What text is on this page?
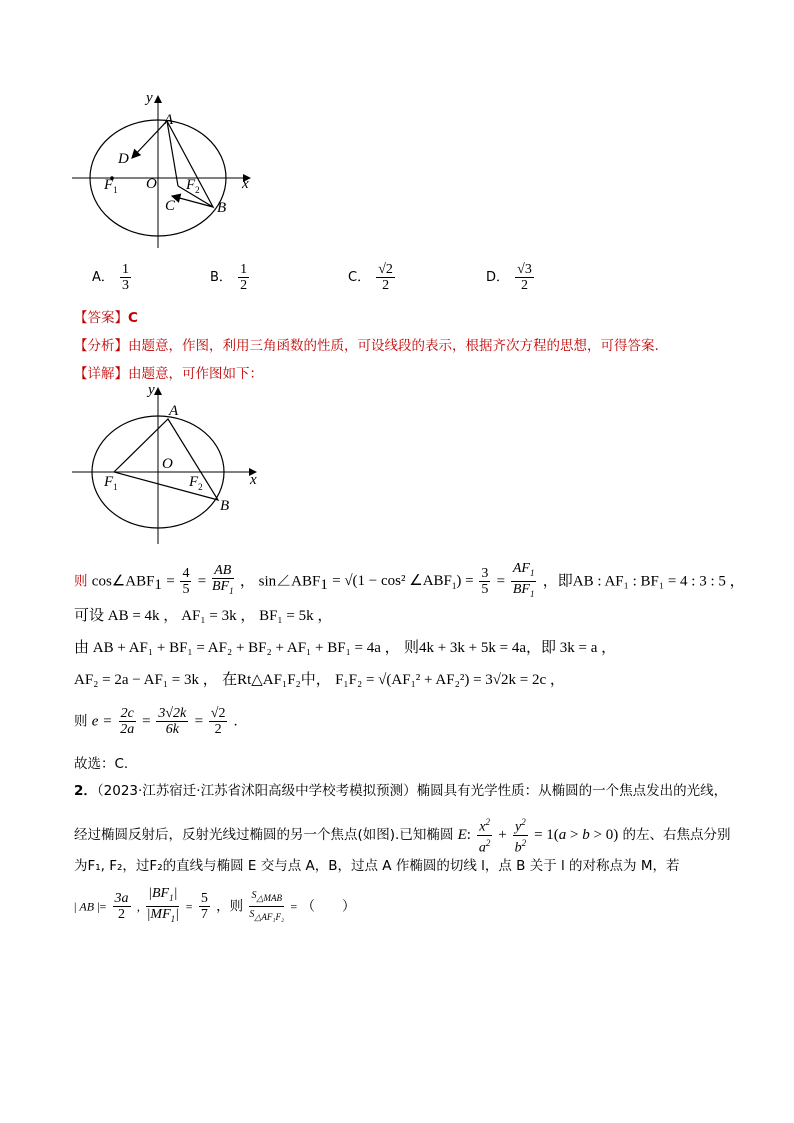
y
x
A
D
O
$F_1$	$F_2$
C	B
A． $\frac{1}{3}$	B． $\frac{1}{2}$	C． $\frac{√2}{2}$	D． $\frac{√3}{2}$
【答案】C
【分析】由题意，作图，利用三角函数的性质，可设线段的表示，根据齐次方程的思想，可得答案.
【详解】由题意，可作图如下：
y
x
A
O
$F_1$	$F_2$
B
则 $\cos\angle ABF_1 = \frac{4}{5} = \frac{AB}{BF_1}$ ， $\sin\angle ABF_1 = √(1 - \cos^2$ $\angle ABF_1) = \frac{3}{5} = \frac{AF_1}{BF_1}$ ，即AB : AF₁ : BF₁ = 4 : 3 : 5 ，
可设 AB = 4k ， AF₁ = 3k ， BF₁ = 5k ，
由 AB + AF₁ + BF₁ = AF₂ + BF₂ + AF₁ + BF₁ = 4a ， 则4k + 3k + 5k = 4a，即 3k = a ，
AF₂ = 2a − AF₁ = 3k ， 在Rt△AF₁F₂中， F₁F₂ = √(AF₁² + AF₂²) = 3√2k = 2c ，
则 $e = \frac{2c}{2a} = \frac{3√2k}{6k} = \frac{√2}{2}$ .
故选：C.
2．（2023·江苏宿迁·江苏省沭阳高级中学校考模拟预测）椭圆具有光学性质：从椭圆的一个焦点发出的光线，
经过椭圆反射后，反射光线过椭圆的另一个焦点(如图).已知椭圆 E: $\frac{x^2}{a^2} + \frac{y^2}{b^2} = 1(a > b > 0)$ 的左、右焦点分别
为F₁, F₂，过F₂的直线与椭圆 E 交与点 A，B，过点 A 作椭圆的切线 l，点 B 关于 l 的对称点为 M，若
| AB |= $\frac{3a}{2}$ , $\frac{|BF_1|}{|MF_1|} = \frac{5}{7}$ ，则 $\frac{S_{\triangle MAB}}{S_{\triangle AF_1F_2}}$ = （　　）
